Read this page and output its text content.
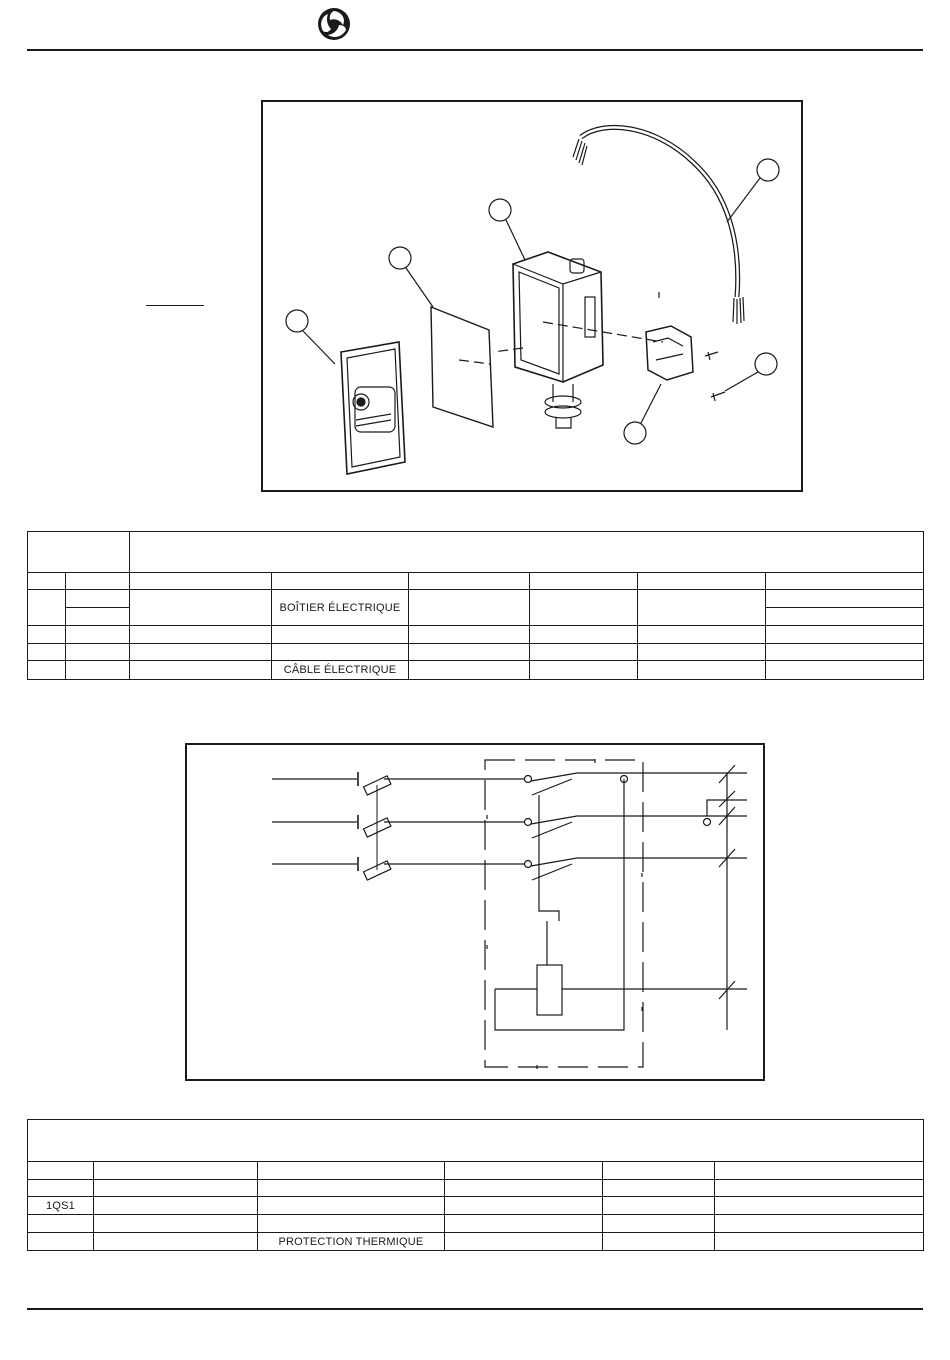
			BOÎTIER ÉLECTRIQUE				

			CÂBLE ÉLECTRIQUE				

1QS1					

		PROTECTION THERMIQUE			
